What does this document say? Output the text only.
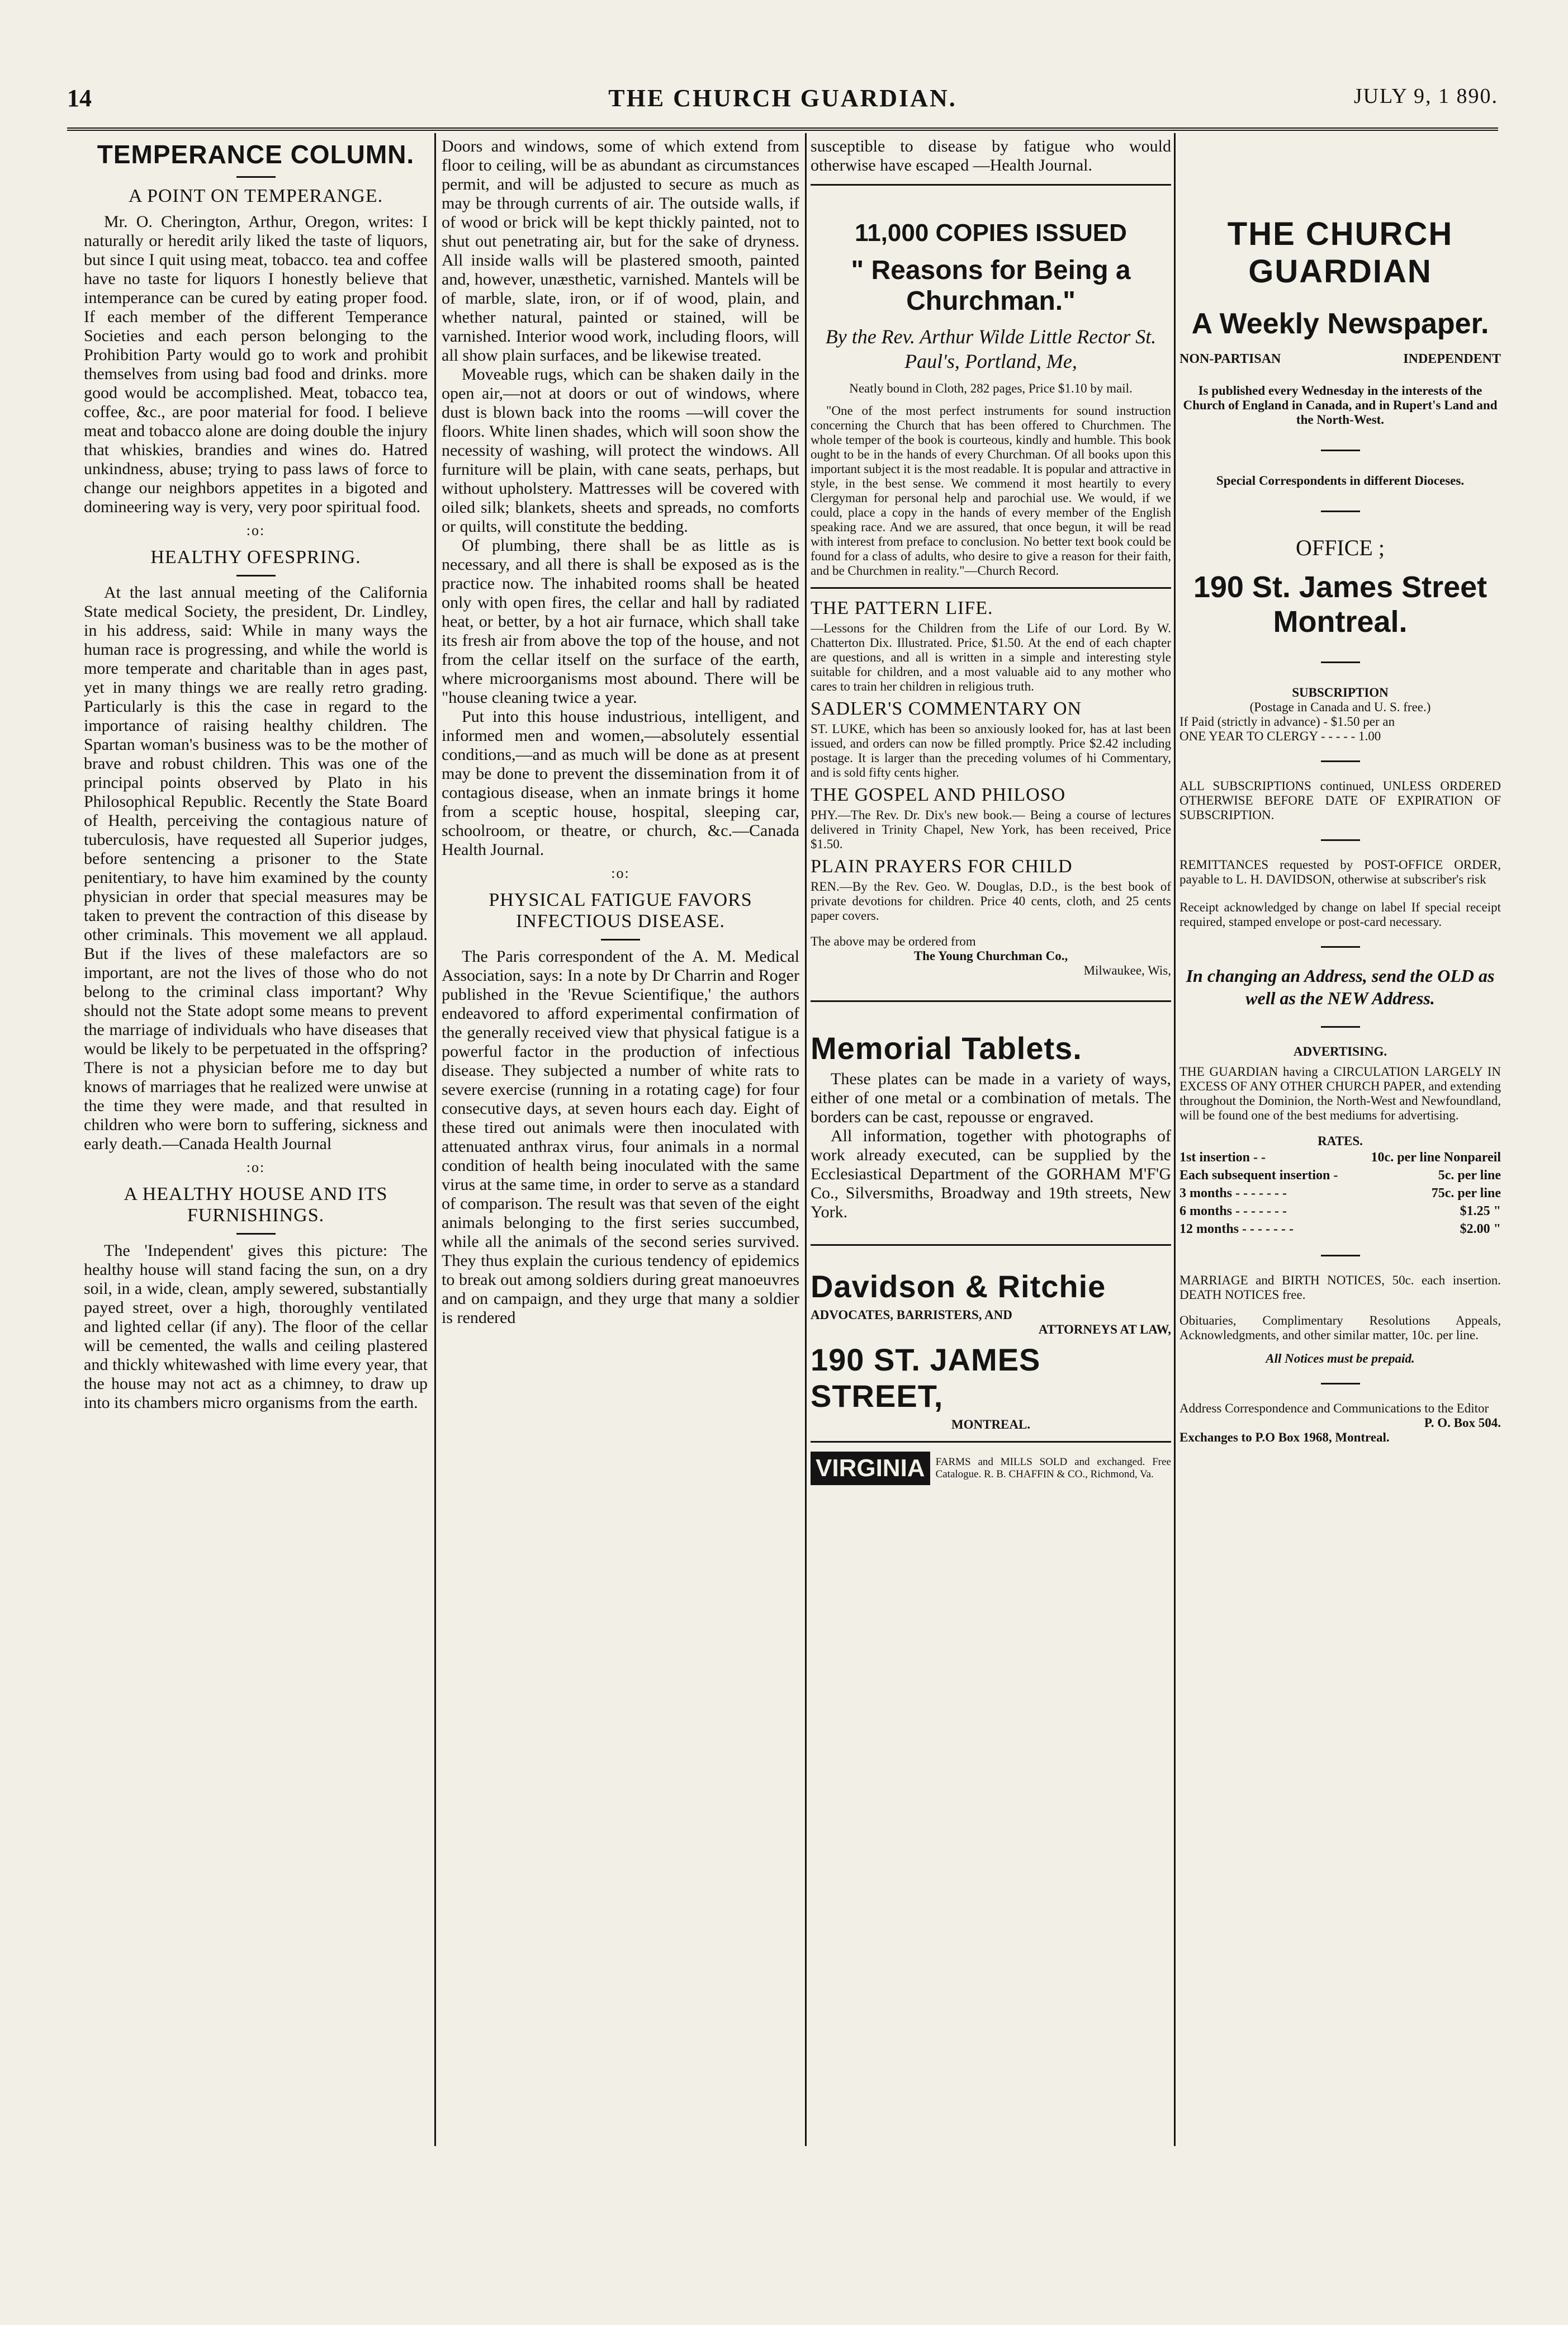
14	THE CHURCH GUARDIAN.	JULY 9, 1 890.
TEMPERANCE COLUMN.
A POINT ON TEMPERANGE.

Mr. O. Cherington, Arthur, Oregon, writes: I naturally or heredit arily liked the taste of liquors, but since I quit using meat, tobacco. tea and coffee have no taste for liquors I honestly believe that intemperance can be cured by eating proper food. If each member of the different Temperance Societies and each person belonging to the Prohibition Party would go to work and prohibit themselves from using bad food and drinks. more good would be accomplished. Meat, tobacco tea, coffee, &c., are poor material for food. I believe meat and tobacco alone are doing double the injury that whiskies, brandies and wines do. Hatred unkindness, abuse; trying to pass laws of force to change our neighbors appetites in a bigoted and domineering way is very, very poor spiritual food.

:o:
HEALTHY OFESPRING.

At the last annual meeting of the California State medical Society, the president, Dr. Lindley, in his address, said: While in many ways the human race is progressing, and while the world is more temperate and charitable than in ages past, yet in many things we are really retro grading. Particularly is this the case in regard to the importance of raising healthy children. The Spartan woman's business was to be the mother of brave and robust children. This was one of the principal points observed by Plato in his Philosophical Republic. Recently the State Board of Health, perceiving the contagious nature of tuberculosis, have requested all Superior judges, before sentencing a prisoner to the State penitentiary, to have him examined by the county physician in order that special measures may be taken to prevent the contraction of this disease by other criminals. This movement we all applaud. But if the lives of these malefactors are so important, are not the lives of those who do not belong to the criminal class important? Why should not the State adopt some means to prevent the marriage of individuals who have diseases that would be likely to be perpetuated in the offspring? There is not a physician before me to day but knows of marriages that he realized were unwise at the time they were made, and that resulted in children who were born to suffering, sickness and early death.—Canada Health Journal

:o:
A HEALTHY HOUSE AND ITS FURNISHINGS.

The 'Independent' gives this picture: The healthy house will stand facing the sun, on a dry soil, in a wide, clean, amply sewered, substantially payed street, over a high, thoroughly ventilated and lighted cellar (if any). The floor of the cellar will be cemented, the walls and ceiling plastered and thickly whitewashed with lime every year, that the house may not act as a chimney, to draw up into its chambers micro organisms from the earth.

Doors and windows, some of which extend from floor to ceiling, will be as abundant as circumstances permit, and will be adjusted to secure as much as may be through currents of air. The outside walls, if of wood or brick will be kept thickly painted, not to shut out penetrating air, but for the sake of dryness. All inside walls will be plastered smooth, painted and, however, unæsthetic, varnished. Mantels will be of marble, slate, iron, or if of wood, plain, and whether natural, painted or stained, will be varnished. Interior wood work, including floors, will all show plain surfaces, and be likewise treated.

Moveable rugs, which can be shaken daily in the open air,—not at doors or out of windows, where dust is blown back into the rooms —will cover the floors. White linen shades, which will soon show the necessity of washing, will protect the windows. All furniture will be plain, with cane seats, perhaps, but without upholstery. Mattresses will be covered with oiled silk; blankets, sheets and spreads, no comforts or quilts, will constitute the bedding.

Of plumbing, there shall be as little as is necessary, and all there is shall be exposed as is the practice now. The inhabited rooms shall be heated only with open fires, the cellar and hall by radiated heat, or better, by a hot air furnace, which shall take its fresh air from above the top of the house, and not from the cellar itself on the surface of the earth, where microorganisms most abound. There will be "house cleaning twice a year.

Put into this house industrious, intelligent, and informed men and women,—absolutely essential conditions,—and as much will be done as at present may be done to prevent the dissemination from it of contagious disease, when an inmate brings it home from a sceptic house, hospital, sleeping car, schoolroom, or theatre, or church, &c.—Canada Health Journal.

:o:
PHYSICAL FATIGUE FAVORS INFECTIOUS DISEASE.

The Paris correspondent of the A. M. Medical Association, says: In a note by Dr Charrin and Roger published in the 'Revue Scientifique,' the authors endeavored to afford experimental confirmation of the generally received view that physical fatigue is a powerful factor in the production of infectious disease. They subjected a number of white rats to severe exercise (running in a rotating cage) for four consecutive days, at seven hours each day. Eight of these tired out animals were then inoculated with attenuated anthrax virus, four animals in a normal condition of health being inoculated with the same virus at the same time, in order to serve as a standard of comparison. The result was that seven of the eight animals belonging to the first series succumbed, while all the animals of the second series survived. They thus explain the curious tendency of epidemics to break out among soldiers during great manoeuvres and on campaign, and they urge that many a soldier is rendered

susceptible to disease by fatigue who would otherwise have escaped —Health Journal.

11,000 COPIES ISSUED
" Reasons for Being a Churchman."
By the Rev. Arthur Wilde Little Rector St. Paul's, Portland, Me,
Neatly bound in Cloth, 282 pages, Price $1.10 by mail.

"One of the most perfect instruments for sound instruction concerning the Church that has been offered to Churchmen. The whole temper of the book is courteous, kindly and humble. This book ought to be in the hands of every Churchman. Of all books upon this important subject it is the most readable. It is popular and attractive in style, in the best sense. We commend it most heartily to every Clergyman for personal help and parochial use. We would, if we could, place a copy in the hands of every member of the English speaking race. And we are assured, that once begun, it will be read with interest from preface to conclusion. No better text book could be found for a class of adults, who desire to give a reason for their faith, and be Churchmen in reality."—Church Record.

THE PATTERN LIFE.

—Lessons for the Children from the Life of our Lord. By W. Chatterton Dix. Illustrated. Price, $1.50. At the end of each chapter are questions, and all is written in a simple and interesting style suitable for children, and a most valuable aid to any mother who cares to train her children in religious truth.

SADLER'S COMMENTARY ON

ST. LUKE, which has been so anxiously looked for, has at last been issued, and orders can now be filled promptly. Price $2.42 including postage. It is larger than the preceding volumes of hi Commentary, and is sold fifty cents higher.

THE GOSPEL AND PHILOSO

PHY.—The Rev. Dr. Dix's new book.— Being a course of lectures delivered in Trinity Chapel, New York, has been received, Price $1.50.

PLAIN PRAYERS FOR CHILD

REN.—By the Rev. Geo. W. Douglas, D.D., is the best book of private devotions for children. Price 40 cents, cloth, and 25 cents paper covers.

The above may be ordered from
The Young Churchman Co.,
Milwaukee, Wis,
Memorial Tablets.

These plates can be made in a variety of ways, either of one metal or a combination of metals. The borders can be cast, repousse or engraved.

All information, together with photographs of work already executed, can be supplied by the Ecclesiastical Department of the GORHAM M'F'G Co., Silversmiths, Broadway and 19th streets, New York.

Davidson & Ritchie
ADVOCATES, BARRISTERS, AND
ATTORNEYS AT LAW,
190 ST. JAMES STREET,
MONTREAL.
VIRGINIA	FARMS and MILLS SOLD and exchanged. Free Catalogue. R. B. CHAFFIN & CO., Richmond, Va.
THE CHURCH GUARDIAN
A Weekly Newspaper.
NON-PARTISAN	INDEPENDENT

Is published every Wednesday in the interests of the Church of England in Canada, and in Rupert's Land and the North-West.

Special Correspondents in different Dioceses.

OFFICE ;
190 St. James Street Montreal.
SUBSCRIPTION
(Postage in Canada and U. S. free.)
If Paid (strictly in advance) - $1.50 per an
ONE YEAR TO CLERGY - - - - - 1.00

ALL SUBSCRIPTIONS continued, UNLESS ORDERED OTHERWISE BEFORE DATE OF EXPIRATION OF SUBSCRIPTION.

REMITTANCES requested by POST-OFFICE ORDER, payable to L. H. DAVIDSON, otherwise at subscriber's risk

Receipt acknowledged by change on label If special receipt required, stamped envelope or post-card necessary.

In changing an Address, send the OLD as well as the NEW Address.

ADVERTISING.

THE GUARDIAN having a CIRCULATION LARGELY IN EXCESS OF ANY OTHER CHURCH PAPER, and extending throughout the Dominion, the North-West and Newfoundland, will be found one of the best mediums for advertising.

RATES.
1st insertion - -	10c. per line Nonpareil
Each subsequent insertion -	5c. per line
3 months - - - - - - -	75c. per line
6 months - - - - - - -	$1.25 "
12 months - - - - - - -	$2.00 "

MARRIAGE and BIRTH NOTICES, 50c. each insertion. DEATH NOTICES free.

Obituaries, Complimentary Resolutions Appeals, Acknowledgments, and other similar matter, 10c. per line.

All Notices must be prepaid.

Address Correspondence and Communications to the Editor

P. O. Box 504.

Exchanges to P.O Box 1968, Montreal.
